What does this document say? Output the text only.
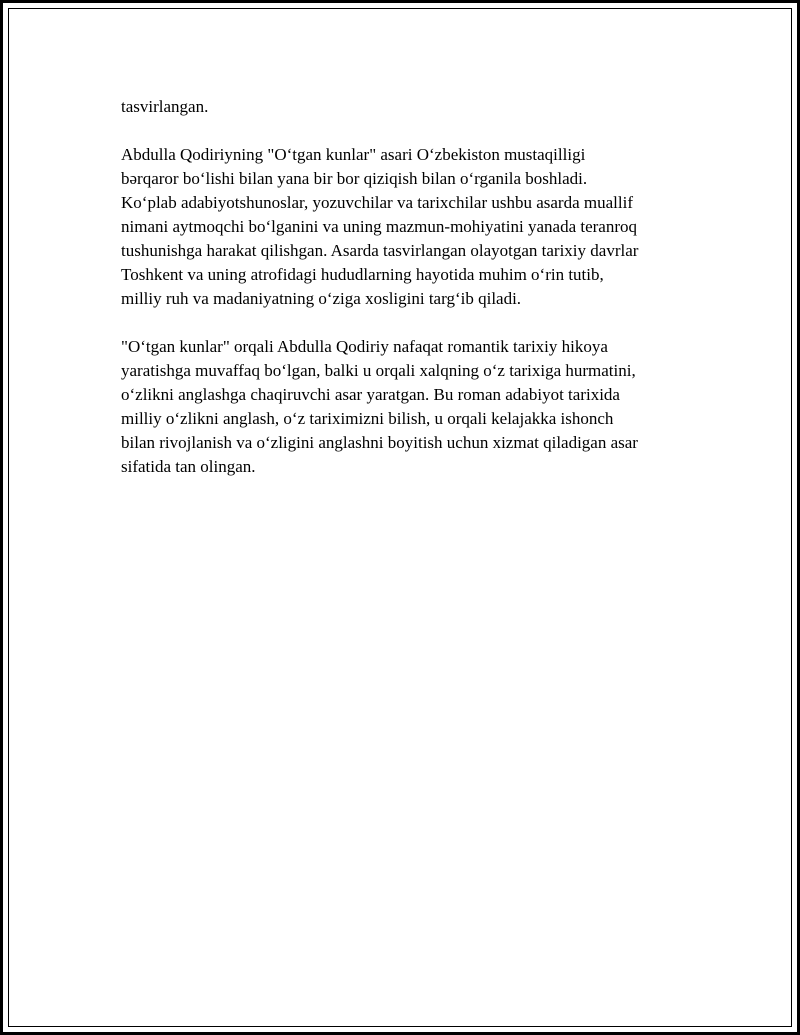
tasvirlangan.

Abdulla Qodiriyning "O‘tgan kunlar" asari O‘zbekiston mustaqilligi
bərqaror bo‘lishi bilan yana bir bor qiziqish bilan o‘rganila boshladi.
Ko‘plab adabiyotshunoslar, yozuvchilar va tarixchilar ushbu asarda muallif
nimani aytmoqchi bo‘lganini va uning mazmun-mohiyatini yanada teranroq
tushunishga harakat qilishgan. Asarda tasvirlangan olayotgan tarixiy davrlar
Toshkent va uning atrofidagi hududlarning hayotida muhim o‘rin tutib,
milliy ruh va madaniyatning o‘ziga xosligini targ‘ib qiladi.

"O‘tgan kunlar" orqali Abdulla Qodiriy nafaqat romantik tarixiy hikoya
yaratishga muvaffaq bo‘lgan, balki u orqali xalqning o‘z tarixiga hurmatini,
o‘zlikni anglashga chaqiruvchi asar yaratgan. Bu roman adabiyot tarixida
milliy o‘zlikni anglash, o‘z tariximizni bilish, u orqali kelajakka ishonch
bilan rivojlanish va o‘zligini anglashni boyitish uchun xizmat qiladigan asar
sifatida tan olingan.
